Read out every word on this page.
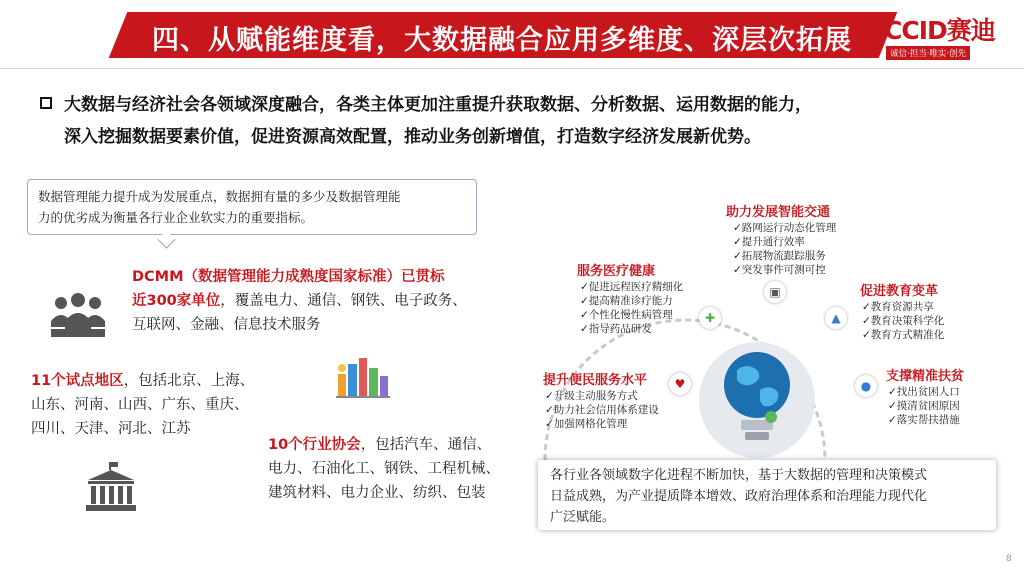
四、从赋能维度看，大数据融合应用多维度、深层次拓展	CCID赛迪
诚信·担当·唯实·创先
大数据与经济社会各领域深度融合，各类主体更加注重提升获取数据、分析数据、运用数据的能力，
深入挖掘数据要素价值，促进资源高效配置，推动业务创新增值，打造数字经济发展新优势。
数据管理能力提升成为发展重点，数据拥有量的多少及数据管理能
力的优劣成为衡量各行业企业软实力的重要指标。
DCMM（数据管理能力成熟度国家标准）已贯标
近300家单位，覆盖电力、通信、钢铁、电子政务、
互联网、金融、信息技术服务
11个试点地区，包括北京、上海、
山东、河南、山西、广东、重庆、
四川、天津、河北、江苏
10个行业协会，包括汽车、通信、
电力、石油化工、钢铁、工程机械、
建筑材料、电力企业、纺织、包装
助力发展智能交通
✓路网运行动态化管理
✓提升通行效率
✓拓展物流跟踪服务
✓突发事件可测可控
▣
服务医疗健康
✓促进远程医疗精细化
✓提高精准诊疗能力
✓个性化慢性病管理
✓指导药品研发
✚
促进教育变革
✓教育资源共享
✓教育决策科学化
✓教育方式精准化
▲
提升便民服务水平
✓升级主动服务方式
✓助力社会信用体系建设
✓加强网格化管理
♥	支撑精准扶贫
✓找出贫困人口
✓摸清贫困原因
✓落实帮扶措施
●
各行业各领域数字化进程不断加快，基于大数据的管理和决策模式
日益成熟，为产业提质降本增效、政府治理体系和治理能力现代化
广泛赋能。
8
